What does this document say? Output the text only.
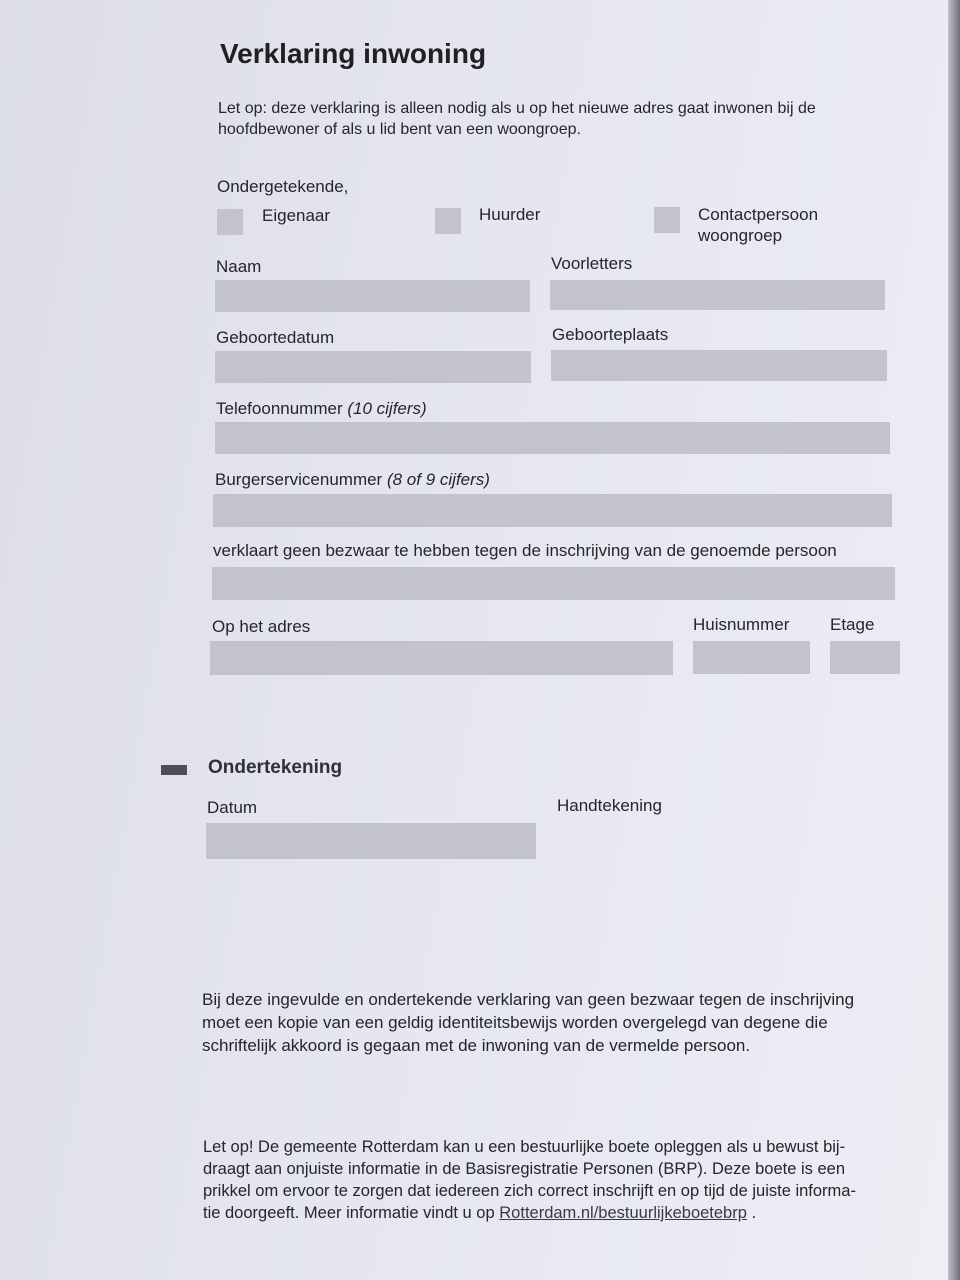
Verklaring inwoning
Let op: deze verklaring is alleen nodig als u op het nieuwe adres gaat inwonen bij de
hoofdbewoner of als u lid bent van een woongroep.
Ondergetekende,
Eigenaar	Huurder	Contactpersoon
woongroep
Naam	Voorletters
Geboortedatum	Geboorteplaats
Telefoonnummer (10 cijfers)
Burgerservicenummer (8 of 9 cijfers)
verklaart geen bezwaar te hebben tegen de inschrijving van de genoemde persoon
Op het adres	Huisnummer Etage
Ondertekening
Datum	Handtekening
Bij deze ingevulde en ondertekende verklaring van geen bezwaar tegen de inschrijving
moet een kopie van een geldig identiteitsbewijs worden overgelegd van degene die
schriftelijk akkoord is gegaan met de inwoning van de vermelde persoon.
Let op! De gemeente Rotterdam kan u een bestuurlijke boete opleggen als u bewust bij-
draagt aan onjuiste informatie in de Basisregistratie Personen (BRP). Deze boete is een
prikkel om ervoor te zorgen dat iedereen zich correct inschrijft en op tijd de juiste informa-
tie doorgeeft. Meer informatie vindt u op Rotterdam.nl/bestuurlijkeboetebrp .
